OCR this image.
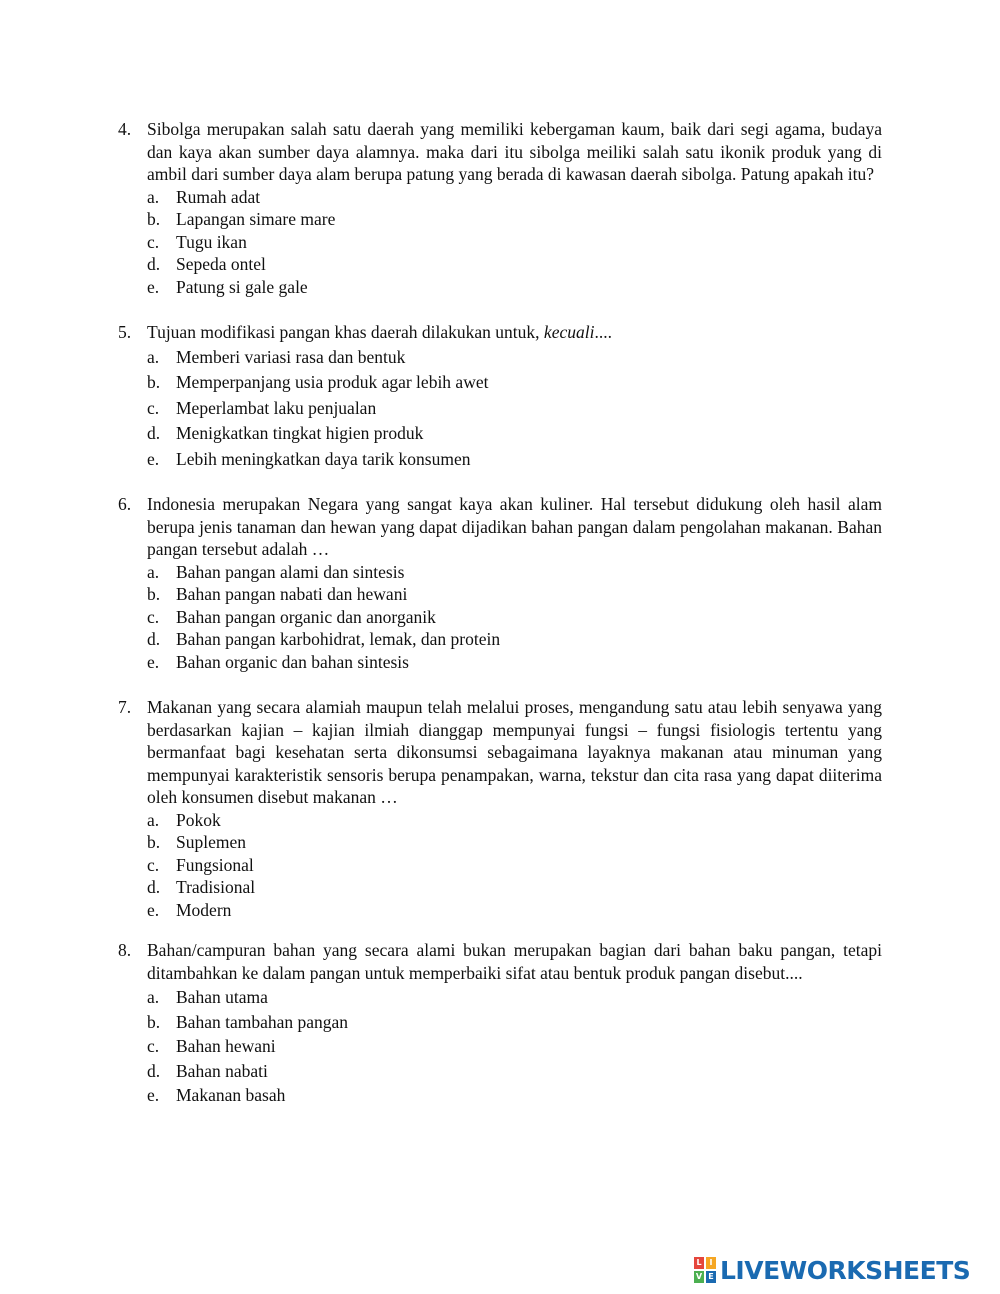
4. Sibolga merupakan salah satu daerah yang memiliki kebergaman kaum, baik dari segi agama, budaya dan kaya akan sumber daya alamnya. maka dari itu sibolga meiliki salah satu ikonik produk yang di ambil dari sumber daya alam berupa patung yang berada di kawasan daerah sibolga. Patung apakah itu?
a. Rumah adat
b. Lapangan simare mare
c. Tugu ikan
d. Sepeda ontel
e. Patung si gale gale
5. Tujuan modifikasi pangan khas daerah dilakukan untuk, kecuali....
a. Memberi variasi rasa dan bentuk
b. Memperpanjang usia produk agar lebih awet
c. Meperlambat laku penjualan
d. Menigkatkan tingkat higien produk
e. Lebih meningkatkan daya tarik konsumen
6. Indonesia merupakan Negara yang sangat kaya akan kuliner. Hal tersebut didukung oleh hasil alam berupa jenis tanaman dan hewan yang dapat dijadikan bahan pangan dalam pengolahan makanan. Bahan pangan tersebut adalah …
a. Bahan pangan alami dan sintesis
b. Bahan pangan nabati dan hewani
c. Bahan pangan organic dan anorganik
d. Bahan pangan karbohidrat, lemak, dan protein
e. Bahan organic dan bahan sintesis
7. Makanan yang secara alamiah maupun telah melalui proses, mengandung satu atau lebih senyawa yang berdasarkan kajian – kajian ilmiah dianggap mempunyai fungsi – fungsi fisiologis tertentu yang bermanfaat bagi kesehatan serta dikonsumsi sebagaimana layaknya makanan atau minuman yang mempunyai karakteristik sensoris berupa penampakan, warna, tekstur dan cita rasa yang dapat diiterima oleh konsumen disebut makanan …
a. Pokok
b. Suplemen
c. Fungsional
d. Tradisional
e. Modern
8. Bahan/campuran bahan yang secara alami bukan merupakan bagian dari bahan baku pangan, tetapi ditambahkan ke dalam pangan untuk memperbaiki sifat atau bentuk produk pangan disebut....
a. Bahan utama
b. Bahan tambahan pangan
c. Bahan hewani
d. Bahan nabati
e. Makanan basah
L I
V E LIVEWORKSHEETS
